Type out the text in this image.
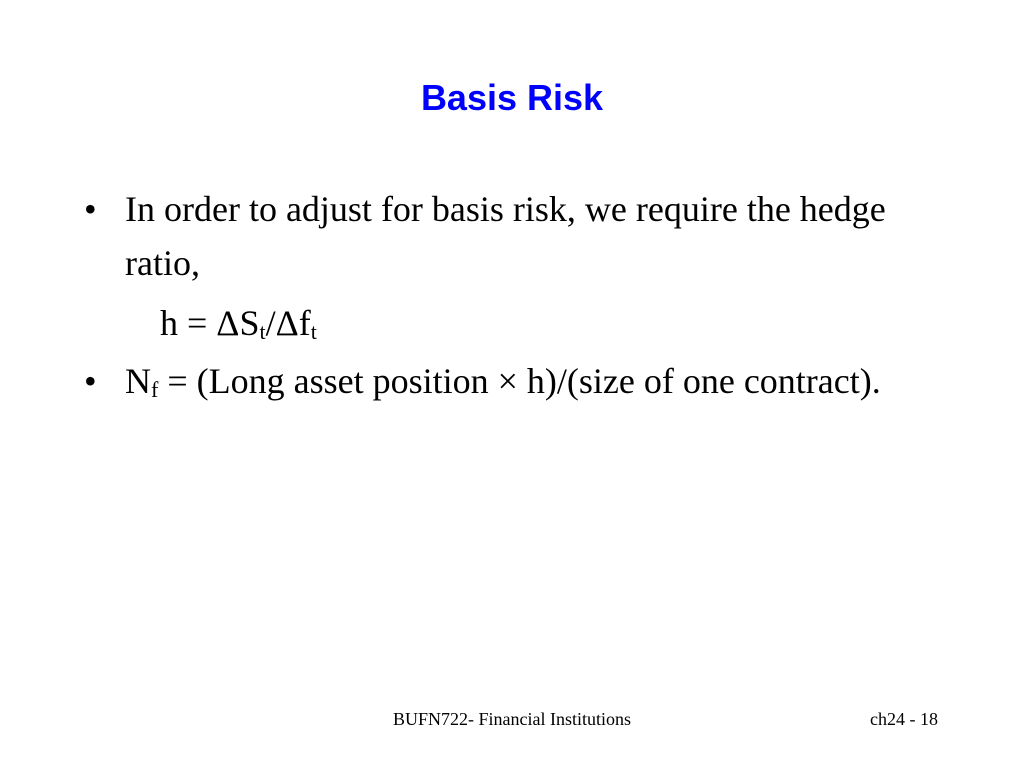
Basis Risk
• In order to adjust for basis risk, we require the hedge ratio,
$h = \Delta S_t/\Delta f_t$
• $N_f$ = (Long asset position × h)/(size of one contract).
BUFN722- Financial Institutions	ch24 - 18
